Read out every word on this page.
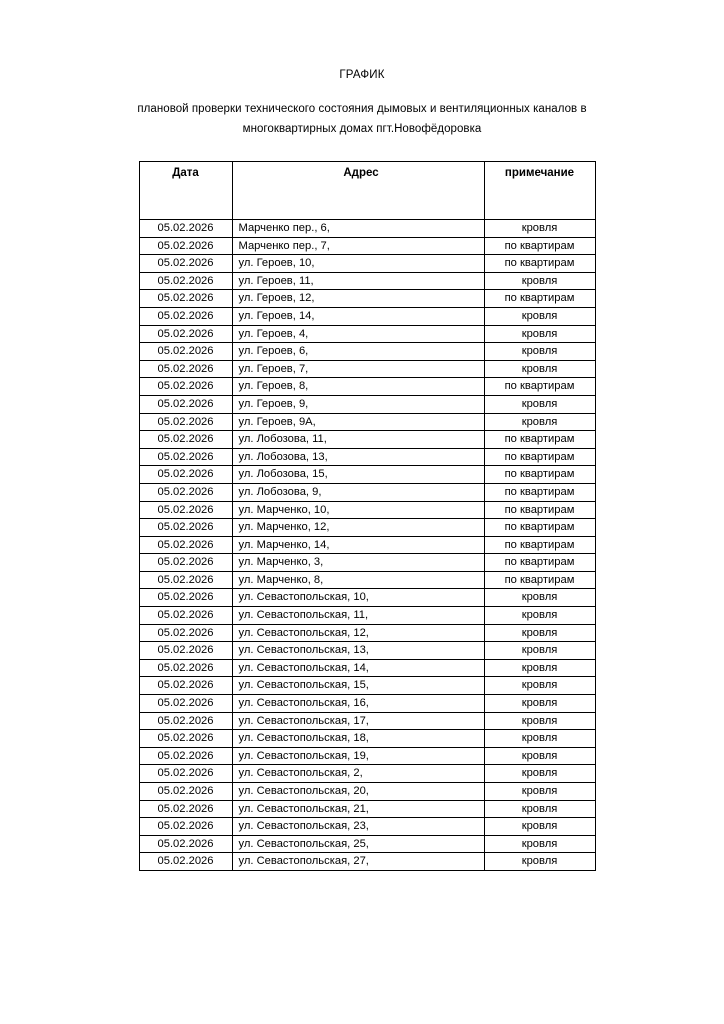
ГРАФИК
плановой проверки технического состояния дымовых и вентиляционных каналов в многоквартирных домах пгт.Новофёдоровка
Дата	Адрес	примечание
05.02.2026	Марченко пер., 6,	кровля
05.02.2026	Марченко пер., 7,	по квартирам
05.02.2026	ул. Героев, 10,	по квартирам
05.02.2026	ул. Героев, 11,	кровля
05.02.2026	ул. Героев, 12,	по квартирам
05.02.2026	ул. Героев, 14,	кровля
05.02.2026	ул. Героев, 4,	кровля
05.02.2026	ул. Героев, 6,	кровля
05.02.2026	ул. Героев, 7,	кровля
05.02.2026	ул. Героев, 8,	по квартирам
05.02.2026	ул. Героев, 9,	кровля
05.02.2026	ул. Героев, 9А,	кровля
05.02.2026	ул. Лобозова, 11,	по квартирам
05.02.2026	ул. Лобозова, 13,	по квартирам
05.02.2026	ул. Лобозова, 15,	по квартирам
05.02.2026	ул. Лобозова, 9,	по квартирам
05.02.2026	ул. Марченко, 10,	по квартирам
05.02.2026	ул. Марченко, 12,	по квартирам
05.02.2026	ул. Марченко, 14,	по квартирам
05.02.2026	ул. Марченко, 3,	по квартирам
05.02.2026	ул. Марченко, 8,	по квартирам
05.02.2026	ул. Севастопольская, 10,	кровля
05.02.2026	ул. Севастопольская, 11,	кровля
05.02.2026	ул. Севастопольская, 12,	кровля
05.02.2026	ул. Севастопольская, 13,	кровля
05.02.2026	ул. Севастопольская, 14,	кровля
05.02.2026	ул. Севастопольская, 15,	кровля
05.02.2026	ул. Севастопольская, 16,	кровля
05.02.2026	ул. Севастопольская, 17,	кровля
05.02.2026	ул. Севастопольская, 18,	кровля
05.02.2026	ул. Севастопольская, 19,	кровля
05.02.2026	ул. Севастопольская, 2,	кровля
05.02.2026	ул. Севастопольская, 20,	кровля
05.02.2026	ул. Севастопольская, 21,	кровля
05.02.2026	ул. Севастопольская, 23,	кровля
05.02.2026	ул. Севастопольская, 25,	кровля
05.02.2026	ул. Севастопольская, 27,	кровля
